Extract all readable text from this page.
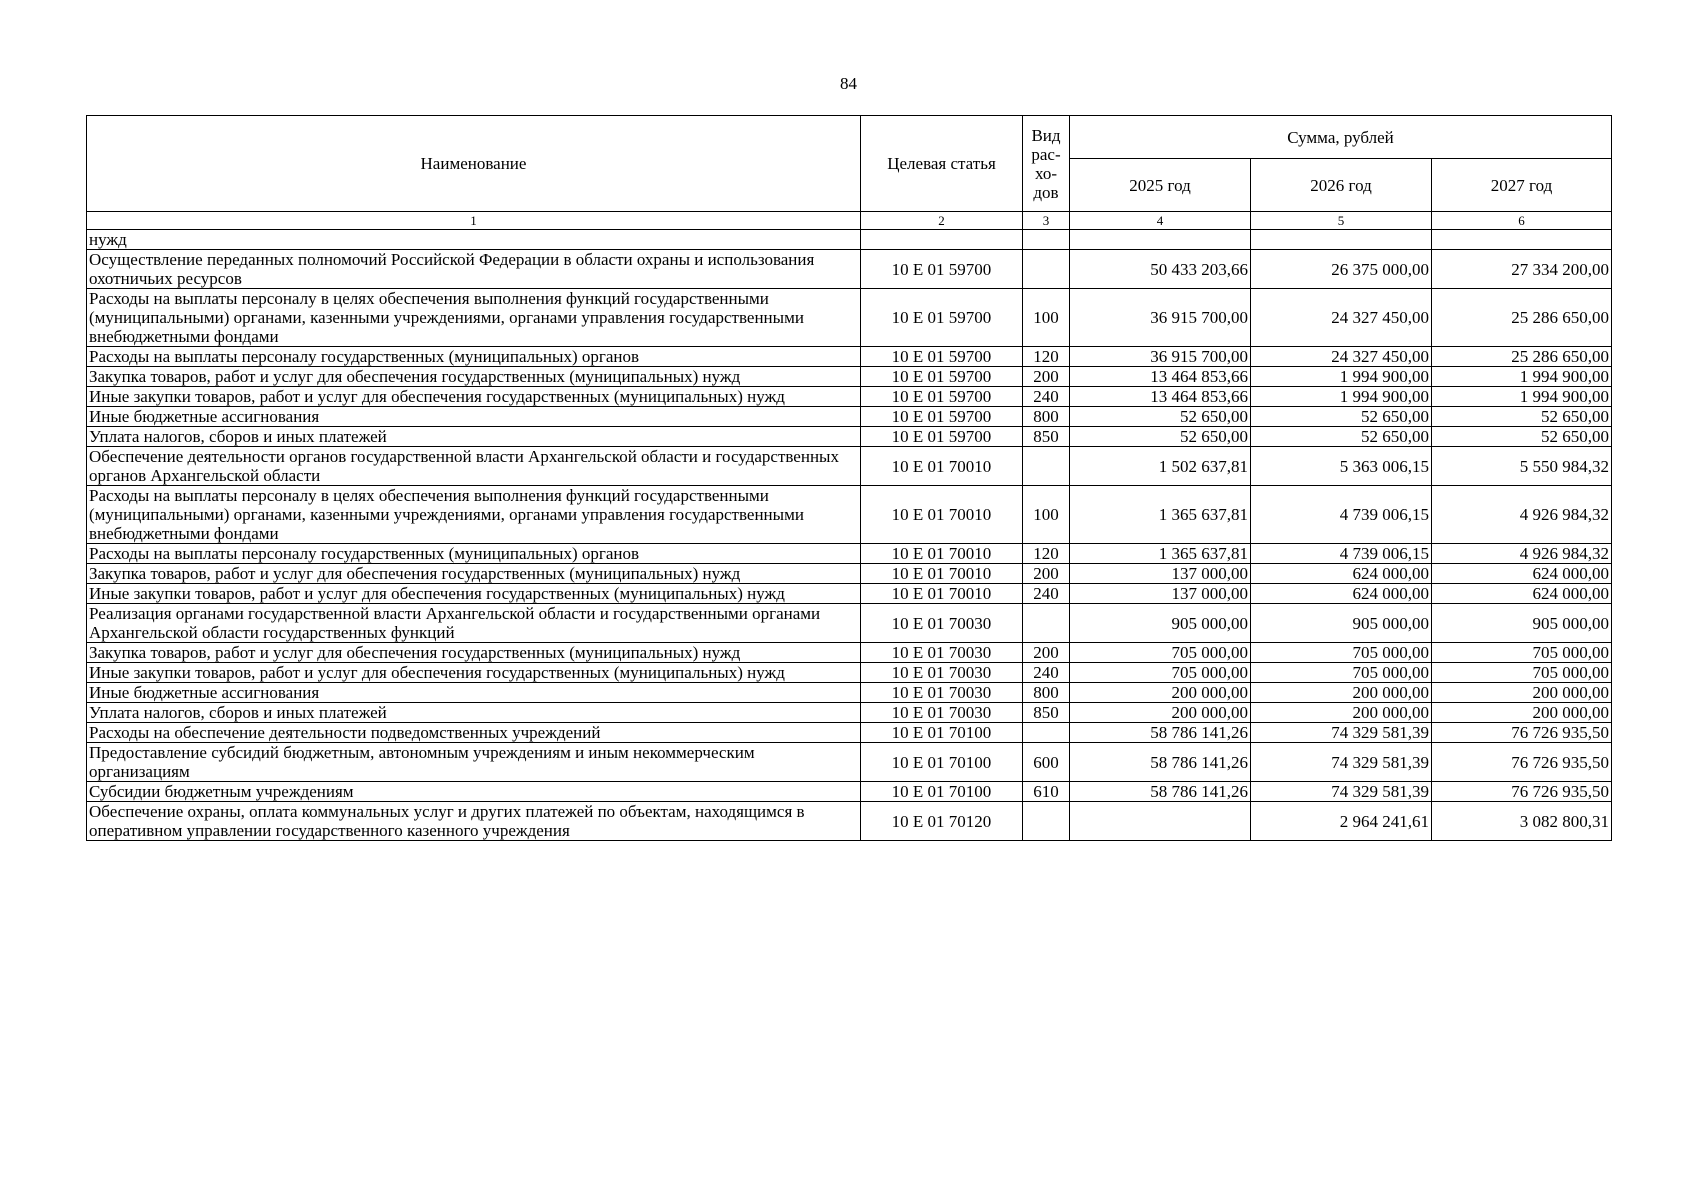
84
Наименование	Целевая статья	Вид рас-хо-дов	Сумма, рублей		
			2025 год	2026 год	2027 год
1	2	3	4	5	6
нужд					
Осуществление переданных полномочий Российской Федерации в области охраны и использования охотничьих ресурсов	10 Е 01 59700		50 433 203,66	26 375 000,00	27 334 200,00
Расходы на выплаты персоналу в целях обеспечения выполнения функций государственными (муниципальными) органами, казенными учреждениями, органами управления государственными внебюджетными фондами	10 Е 01 59700	100	36 915 700,00	24 327 450,00	25 286 650,00
Расходы на выплаты персоналу государственных (муниципальных) органов	10 Е 01 59700	120	36 915 700,00	24 327 450,00	25 286 650,00
Закупка товаров, работ и услуг для обеспечения государственных (муниципальных) нужд	10 Е 01 59700	200	13 464 853,66	1 994 900,00	1 994 900,00
Иные закупки товаров, работ и услуг для обеспечения государственных (муниципальных) нужд	10 Е 01 59700	240	13 464 853,66	1 994 900,00	1 994 900,00
Иные бюджетные ассигнования	10 Е 01 59700	800	52 650,00	52 650,00	52 650,00
Уплата налогов, сборов и иных платежей	10 Е 01 59700	850	52 650,00	52 650,00	52 650,00
Обеспечение деятельности органов государственной власти Архангельской области и государственных органов Архангельской области	10 Е 01 70010		1 502 637,81	5 363 006,15	5 550 984,32
Расходы на выплаты персоналу в целях обеспечения выполнения функций государственными (муниципальными) органами, казенными учреждениями, органами управления государственными внебюджетными фондами	10 Е 01 70010	100	1 365 637,81	4 739 006,15	4 926 984,32
Расходы на выплаты персоналу государственных (муниципальных) органов	10 Е 01 70010	120	1 365 637,81	4 739 006,15	4 926 984,32
Закупка товаров, работ и услуг для обеспечения государственных (муниципальных) нужд	10 Е 01 70010	200	137 000,00	624 000,00	624 000,00
Иные закупки товаров, работ и услуг для обеспечения государственных (муниципальных) нужд	10 Е 01 70010	240	137 000,00	624 000,00	624 000,00
Реализация органами государственной власти Архангельской области и государственными органами Архангельской области государственных функций	10 Е 01 70030		905 000,00	905 000,00	905 000,00
Закупка товаров, работ и услуг для обеспечения государственных (муниципальных) нужд	10 Е 01 70030	200	705 000,00	705 000,00	705 000,00
Иные закупки товаров, работ и услуг для обеспечения государственных (муниципальных) нужд	10 Е 01 70030	240	705 000,00	705 000,00	705 000,00
Иные бюджетные ассигнования	10 Е 01 70030	800	200 000,00	200 000,00	200 000,00
Уплата налогов, сборов и иных платежей	10 Е 01 70030	850	200 000,00	200 000,00	200 000,00
Расходы на обеспечение деятельности подведомственных учреждений	10 Е 01 70100		58 786 141,26	74 329 581,39	76 726 935,50
Предоставление субсидий бюджетным, автономным учреждениям и иным некоммерческим организациям	10 Е 01 70100	600	58 786 141,26	74 329 581,39	76 726 935,50
Субсидии бюджетным учреждениям	10 Е 01 70100	610	58 786 141,26	74 329 581,39	76 726 935,50
Обеспечение охраны, оплата коммунальных услуг и других платежей по объектам, находящимся в оперативном управлении государственного казенного учреждения	10 Е 01 70120			2 964 241,61	3 082 800,31
